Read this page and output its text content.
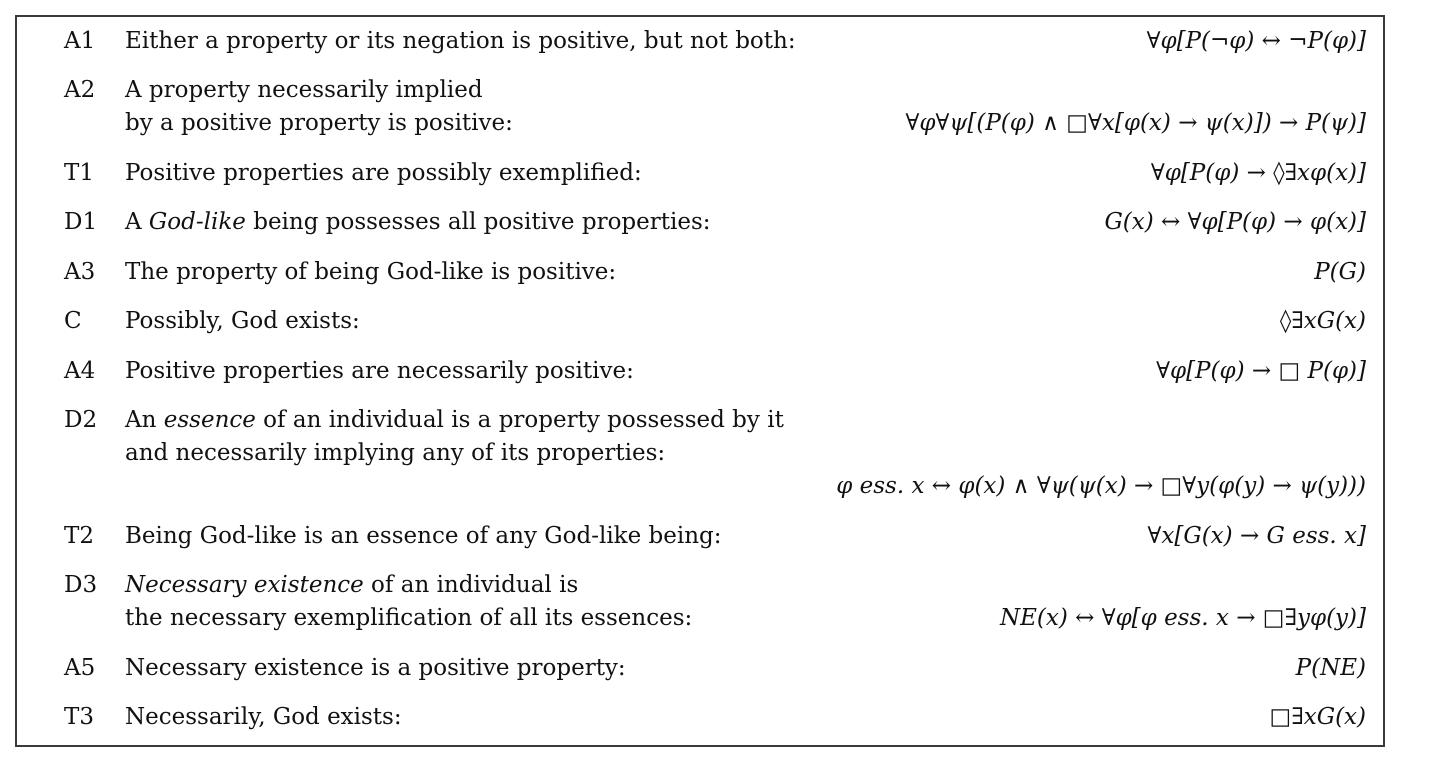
A1 Either a property or its negation is positive, but not both:	∀φ[P(¬φ) ↔ ¬P(φ)]
A2 A property necessarily implied
by a positive property is positive:	∀φ∀ψ[(P(φ) ∧ □∀x[φ(x) → ψ(x)]) → P(ψ)]
T1 Positive properties are possibly exemplified:	∀φ[P(φ) → ◊∃xφ(x)]
D1 A God-like being possesses all positive properties:	G(x) ↔ ∀φ[P(φ) → φ(x)]
A3 The property of being God-like is positive:	P(G)
C Possibly, God exists:	◊∃xG(x)
A4 Positive properties are necessarily positive:	∀φ[P(φ) → □ P(φ)]
D2 An essence of an individual is a property possessed by it
and necessarily implying any of its properties:
φ ess. x ↔ φ(x) ∧ ∀ψ(ψ(x) → □∀y(φ(y) → ψ(y)))
T2 Being God-like is an essence of any God-like being:	∀x[G(x) → G ess. x]
D3 Necessary existence of an individual is
the necessary exemplification of all its essences:	NE(x) ↔ ∀φ[φ ess. x → □∃yφ(y)]
A5 Necessary existence is a positive property:	P(NE)
T3 Necessarily, God exists:	□∃xG(x)
